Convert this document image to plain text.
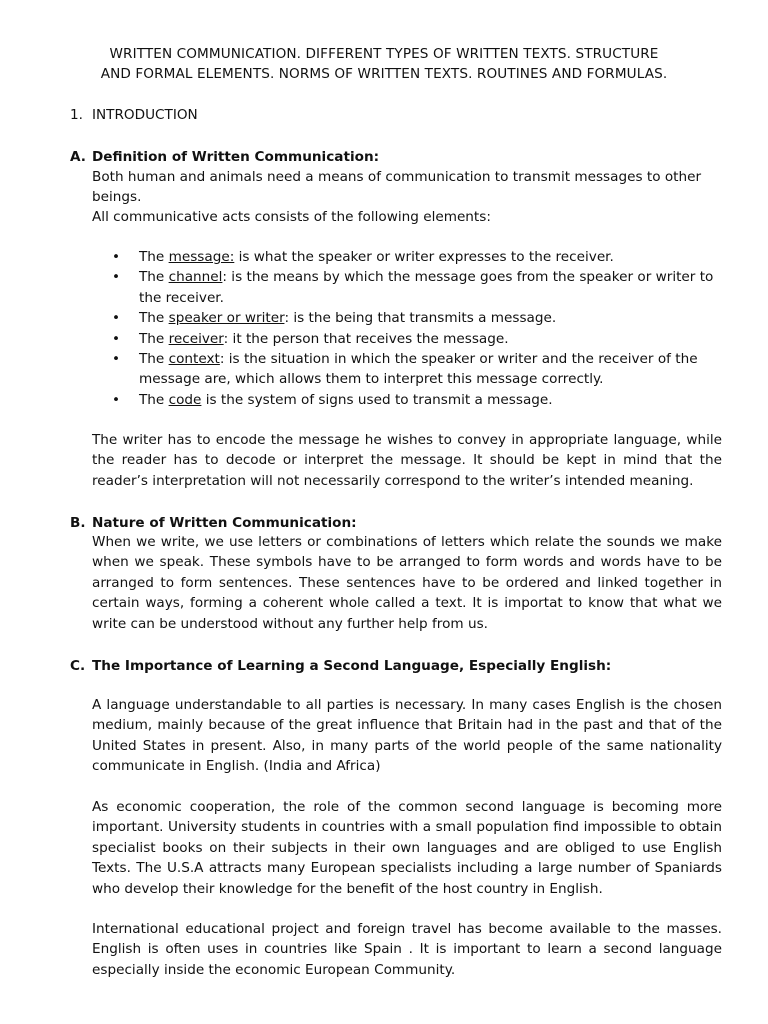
WRITTEN COMMUNICATION. DIFFERENT TYPES OF WRITTEN TEXTS. STRUCTURE
AND FORMAL ELEMENTS. NORMS OF WRITTEN TEXTS. ROUTINES AND FORMULAS.
1. INTRODUCTION
A. Definition of Written Communication:
Both human and animals need a means of communication to transmit messages to other beings.
All communicative acts consists of the following elements:
• The message: is what the speaker or writer expresses to the receiver.
• The channel: is the means by which the message goes from the speaker or writer to the receiver.
• The speaker or writer: is the being that transmits a message.
• The receiver: it the person that receives the message.
• The context: is the situation in which the speaker or writer and the receiver of the message are, which allows them to interpret this message correctly.
• The code is the system of signs used to transmit a message.
The writer has to encode the message he wishes to convey in appropriate language, while the reader has to decode or interpret the message. It should be kept in mind that the reader’s interpretation will not necessarily correspond to the writer’s intended meaning.
B. Nature of Written Communication:
When we write, we use letters or combinations of letters which relate the sounds we make when we speak. These symbols have to be arranged to form words and words have to be arranged to form sentences. These sentences have to be ordered and linked together in certain ways, forming a coherent whole called a text. It is importat to know that what we write can be understood without any further help from us.
C. The Importance of Learning a Second Language, Especially English:
A language understandable to all parties is necessary. In many cases English is the chosen medium, mainly because of the great influence that Britain had in the past and that of the United States in present. Also, in many parts of the world people of the same nationality communicate in English. (India and Africa)
As economic cooperation, the role of the common second language is becoming more important. University students in countries with a small population find impossible to obtain specialist books on their subjects in their own languages and are obliged to use English Texts. The U.S.A attracts many European specialists including a large number of Spaniards who develop their knowledge for the benefit of the host country in English.
International educational project and foreign travel has become available to the masses. English is often uses in countries like Spain . It is important to learn a second language especially inside the economic European Community.
